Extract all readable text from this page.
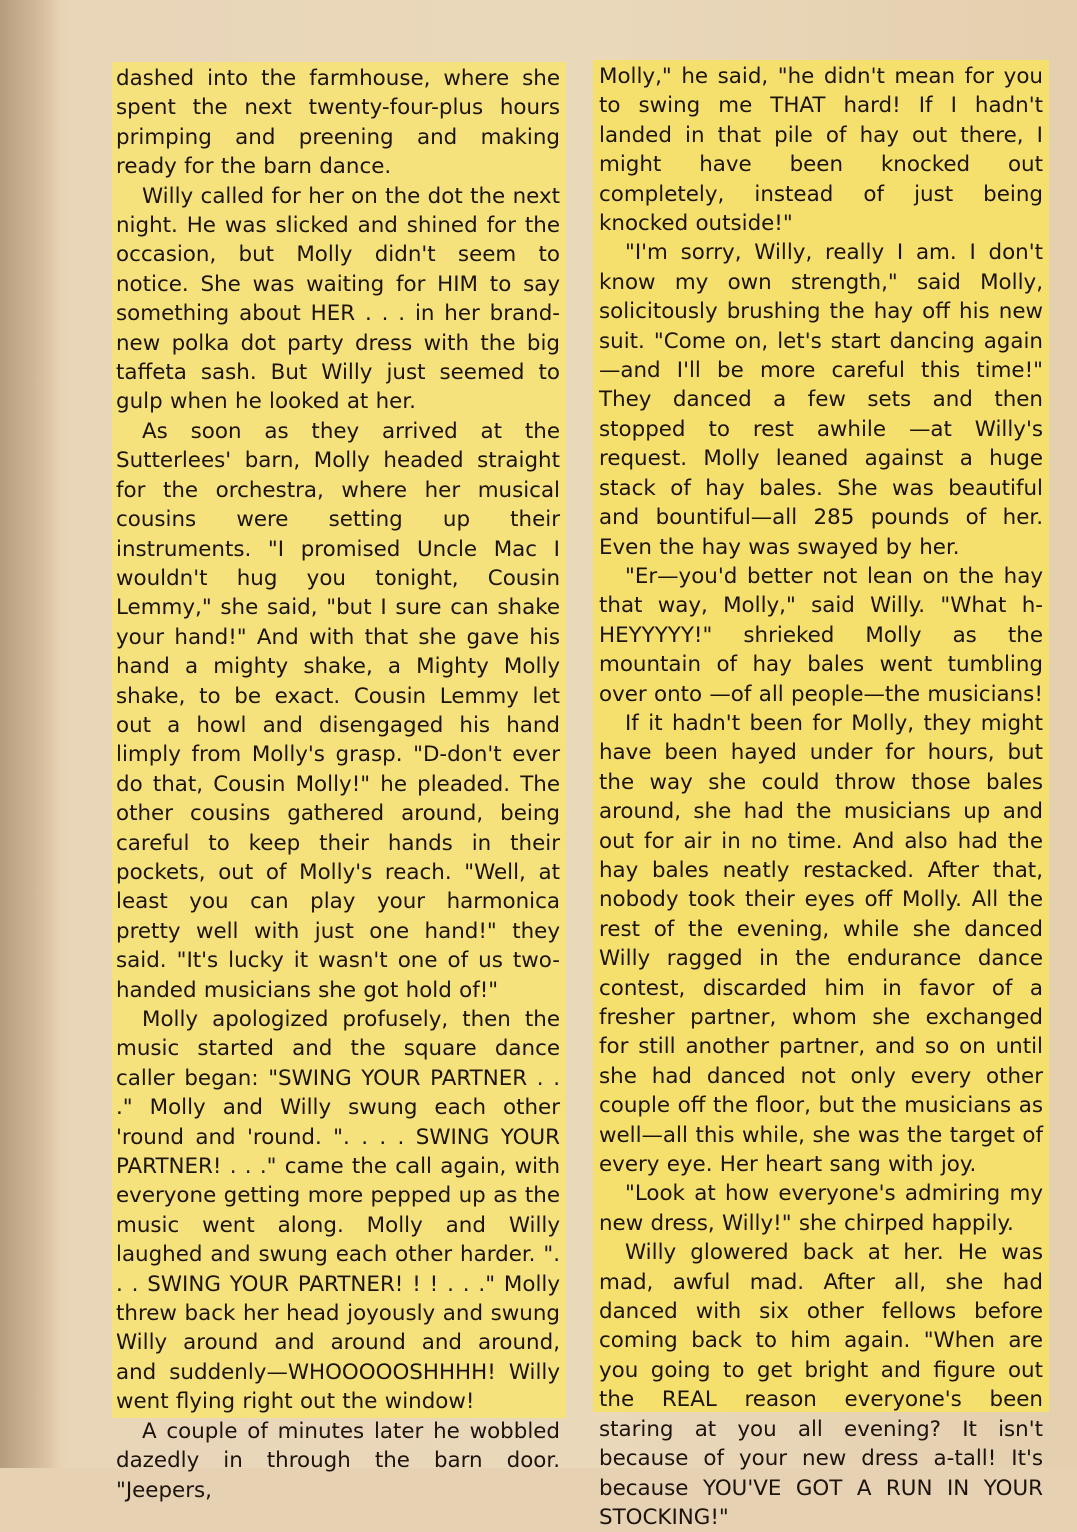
dashed into the farmhouse, where she spent the next twenty-four-plus hours primping and preening and making ready for the barn dance.

Willy called for her on the dot the next night. He was slicked and shined for the occasion, but Molly didn't seem to notice. She was waiting for HIM to say something about HER . . . in her brand-new polka dot party dress with the big taffeta sash. But Willy just seemed to gulp when he looked at her.

As soon as they arrived at the Sutterlees' barn, Molly headed straight for the orchestra, where her musical cousins were setting up their instruments. "I promised Uncle Mac I wouldn't hug you tonight, Cousin Lemmy," she said, "but I sure can shake your hand!" And with that she gave his hand a mighty shake, a Mighty Molly shake, to be exact. Cousin Lemmy let out a howl and disengaged his hand limply from Molly's grasp. "D-don't ever do that, Cousin Molly!" he pleaded. The other cousins gathered around, being careful to keep their hands in their pockets, out of Molly's reach. "Well, at least you can play your harmonica pretty well with just one hand!" they said. "It's lucky it wasn't one of us two-handed musicians she got hold of!"

Molly apologized profusely, then the music started and the square dance caller began: "SWING YOUR PARTNER . . ." Molly and Willy swung each other 'round and 'round. ". . . . SWING YOUR PARTNER! . . ." came the call again, with everyone getting more pepped up as the music went along. Molly and Willy laughed and swung each other harder. ". . . SWING YOUR PARTNER! ! ! . . ." Molly threw back her head joyously and swung Willy around and around and around, and suddenly—WHOOOOOSHHHH! Willy went flying right out the window!

A couple of minutes later he wobbled dazedly in through the barn door. "Jeepers,

Molly," he said, "he didn't mean for you to swing me THAT hard! If I hadn't landed in that pile of hay out there, I might have been knocked out completely, instead of just being knocked outside!"

"I'm sorry, Willy, really I am. I don't know my own strength," said Molly, solicitously brushing the hay off his new suit. "Come on, let's start dancing again—and I'll be more careful this time!" They danced a few sets and then stopped to rest awhile —at Willy's request. Molly leaned against a huge stack of hay bales. She was beautiful and bountiful—all 285 pounds of her. Even the hay was swayed by her.

"Er—you'd better not lean on the hay that way, Molly," said Willy. "What h-HEYYYYY!" shrieked Molly as the mountain of hay bales went tumbling over onto —of all people—the musicians!

If it hadn't been for Molly, they might have been hayed under for hours, but the way she could throw those bales around, she had the musicians up and out for air in no time. And also had the hay bales neatly restacked. After that, nobody took their eyes off Molly. All the rest of the evening, while she danced Willy ragged in the endurance dance contest, discarded him in favor of a fresher partner, whom she exchanged for still another partner, and so on until she had danced not only every other couple off the floor, but the musicians as well—all this while, she was the target of every eye. Her heart sang with joy.

"Look at how everyone's admiring my new dress, Willy!" she chirped happily.

Willy glowered back at her. He was mad, awful mad. After all, she had danced with six other fellows before coming back to him again. "When are you going to get bright and figure out the REAL reason everyone's been staring at you all evening? It isn't because of your new dress a-tall! It's because YOU'VE GOT A RUN IN YOUR STOCKING!"
